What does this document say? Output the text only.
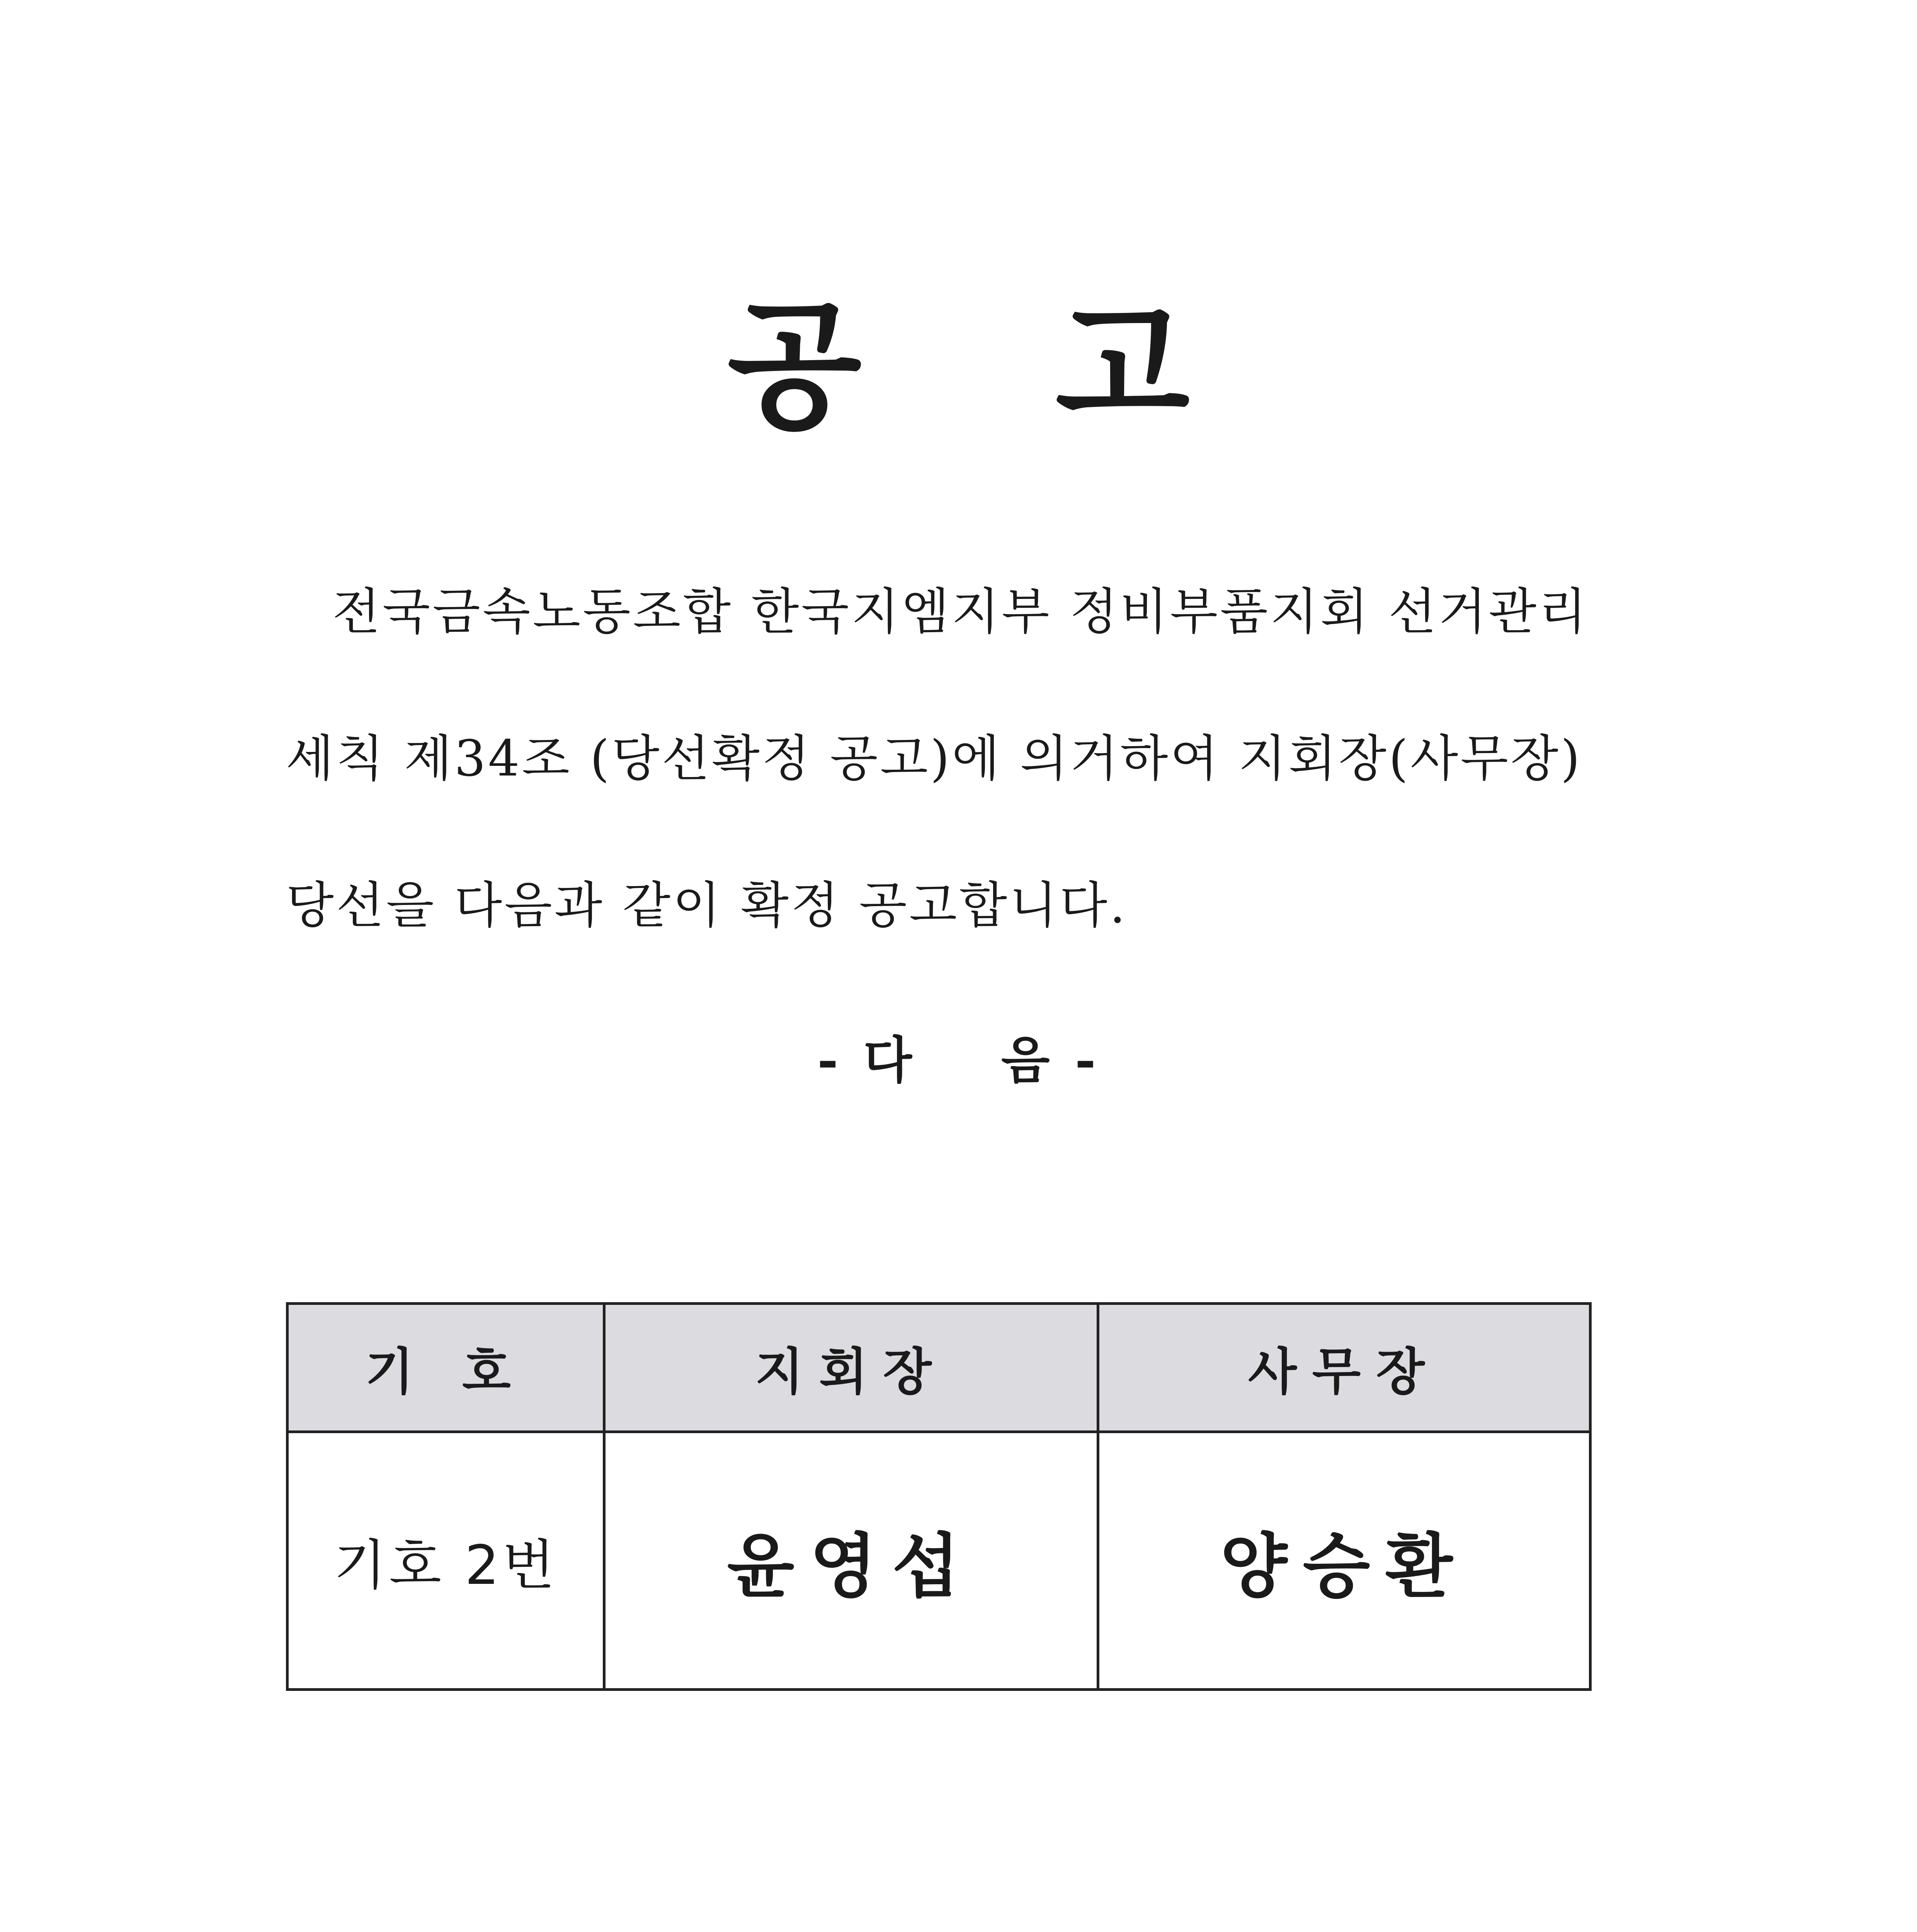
공    고
전국금속노동조합 한국지엠지부 정비부품지회 선거관리
세칙 제34조 (당선확정 공고)에 의거하여 지회장(사무장)
당선을 다음과 같이 확정 공고합니다.
- 다    음 -
기 호	지회장	사무장
기호 2번	윤영섭	양승환
